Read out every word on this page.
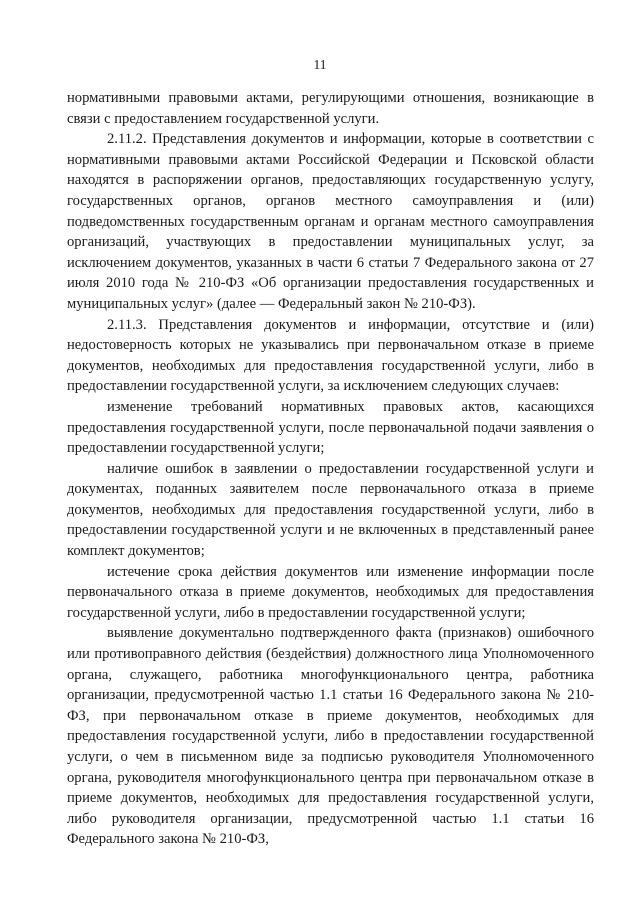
11

нормативными правовыми актами, регулирующими отношения, возникающие в связи с предоставлением государственной услуги.

2.11.2. Представления документов и информации, которые в соответствии с нормативными правовыми актами Российской Федерации и Псковской области находятся в распоряжении органов, предоставляющих государственную услугу, государственных органов, органов местного самоуправления и (или) подведомственных государственным органам и органам местного самоуправления организаций, участвующих в предоставлении муниципальных услуг, за исключением документов, указанных в части 6 статьи 7 Федерального закона от 27 июля 2010 года № 210-ФЗ «Об организации предоставления государственных и муниципальных услуг» (далее — Федеральный закон № 210-ФЗ).

2.11.3. Представления документов и информации, отсутствие и (или) недостоверность которых не указывались при первоначальном отказе в приеме документов, необходимых для предоставления государственной услуги, либо в предоставлении государственной услуги, за исключением следующих случаев:

изменение требований нормативных правовых актов, касающихся предоставления государственной услуги, после первоначальной подачи заявления о предоставлении государственной услуги;

наличие ошибок в заявлении о предоставлении государственной услуги и документах, поданных заявителем после первоначального отказа в приеме документов, необходимых для предоставления государственной услуги, либо в предоставлении государственной услуги и не включенных в представленный ранее комплект документов;

истечение срока действия документов или изменение информации после первоначального отказа в приеме документов, необходимых для предоставления государственной услуги, либо в предоставлении государственной услуги;

выявление документально подтвержденного факта (признаков) ошибочного или противоправного действия (бездействия) должностного лица Уполномоченного органа, служащего, работника многофункционального центра, работника организации, предусмотренной частью 1.1 статьи 16 Федерального закона № 210-ФЗ, при первоначальном отказе в приеме документов, необходимых для предоставления государственной услуги, либо в предоставлении государственной услуги, о чем в письменном виде за подписью руководителя Уполномоченного органа, руководителя многофункционального центра при первоначальном отказе в приеме документов, необходимых для предоставления государственной услуги, либо руководителя организации, предусмотренной частью 1.1 статьи 16 Федерального закона № 210-ФЗ,
